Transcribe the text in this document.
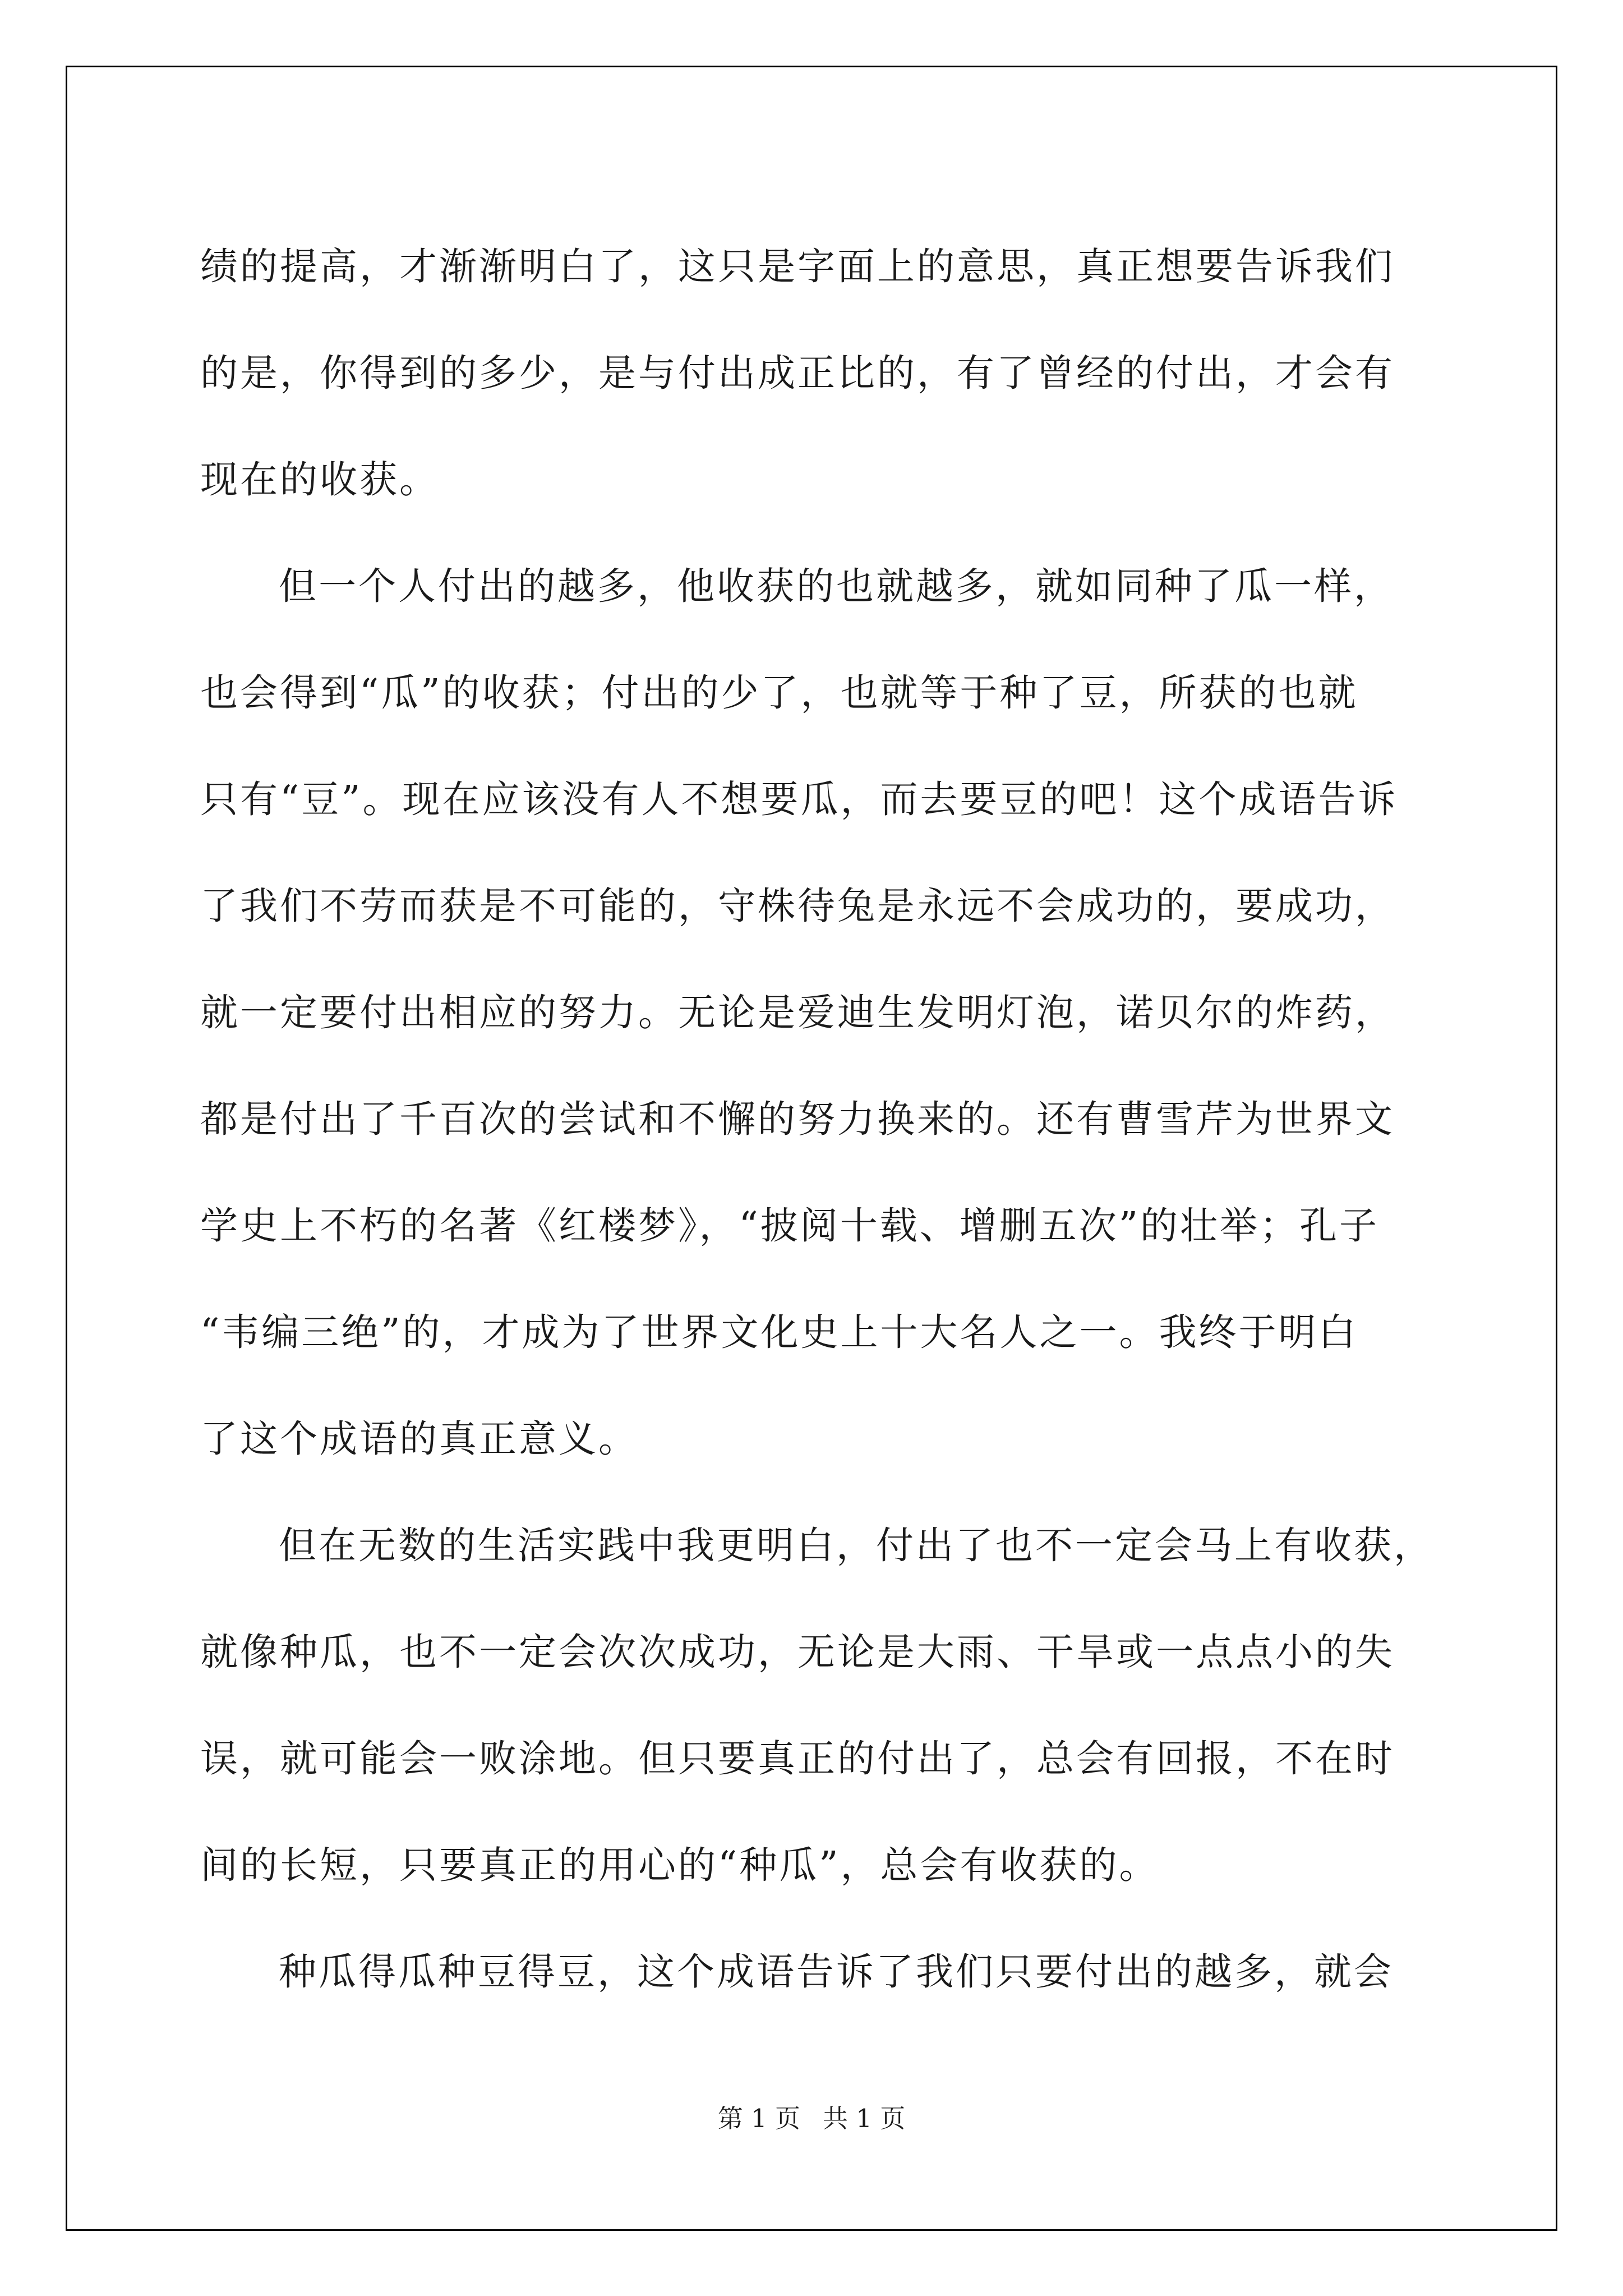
绩的提高，才渐渐明白了，这只是字面上的意思，真正想要告诉我们
的是，你得到的多少，是与付出成正比的，有了曾经的付出，才会有
现在的收获。
但一个人付出的越多，他收获的也就越多，就如同种了瓜一样，
也会得到“瓜”的收获；付出的少了，也就等于种了豆，所获的也就
只有“豆”。现在应该没有人不想要瓜，而去要豆的吧！这个成语告诉
了我们不劳而获是不可能的，守株待兔是永远不会成功的，要成功，
就一定要付出相应的努力。无论是爱迪生发明灯泡，诺贝尔的炸药，
都是付出了千百次的尝试和不懈的努力换来的。还有曹雪芹为世界文
学史上不朽的名著《红楼梦》，“披阅十载、增删五次”的壮举；孔子
“韦编三绝”的，才成为了世界文化史上十大名人之一。我终于明白
了这个成语的真正意义。
但在无数的生活实践中我更明白，付出了也不一定会马上有收获，
就像种瓜，也不一定会次次成功，无论是大雨、干旱或一点点小的失
误，就可能会一败涂地。但只要真正的付出了，总会有回报，不在时
间的长短，只要真正的用心的“种瓜”，总会有收获的。
种瓜得瓜种豆得豆，这个成语告诉了我们只要付出的越多，就会
第 1 页 共 1 页
